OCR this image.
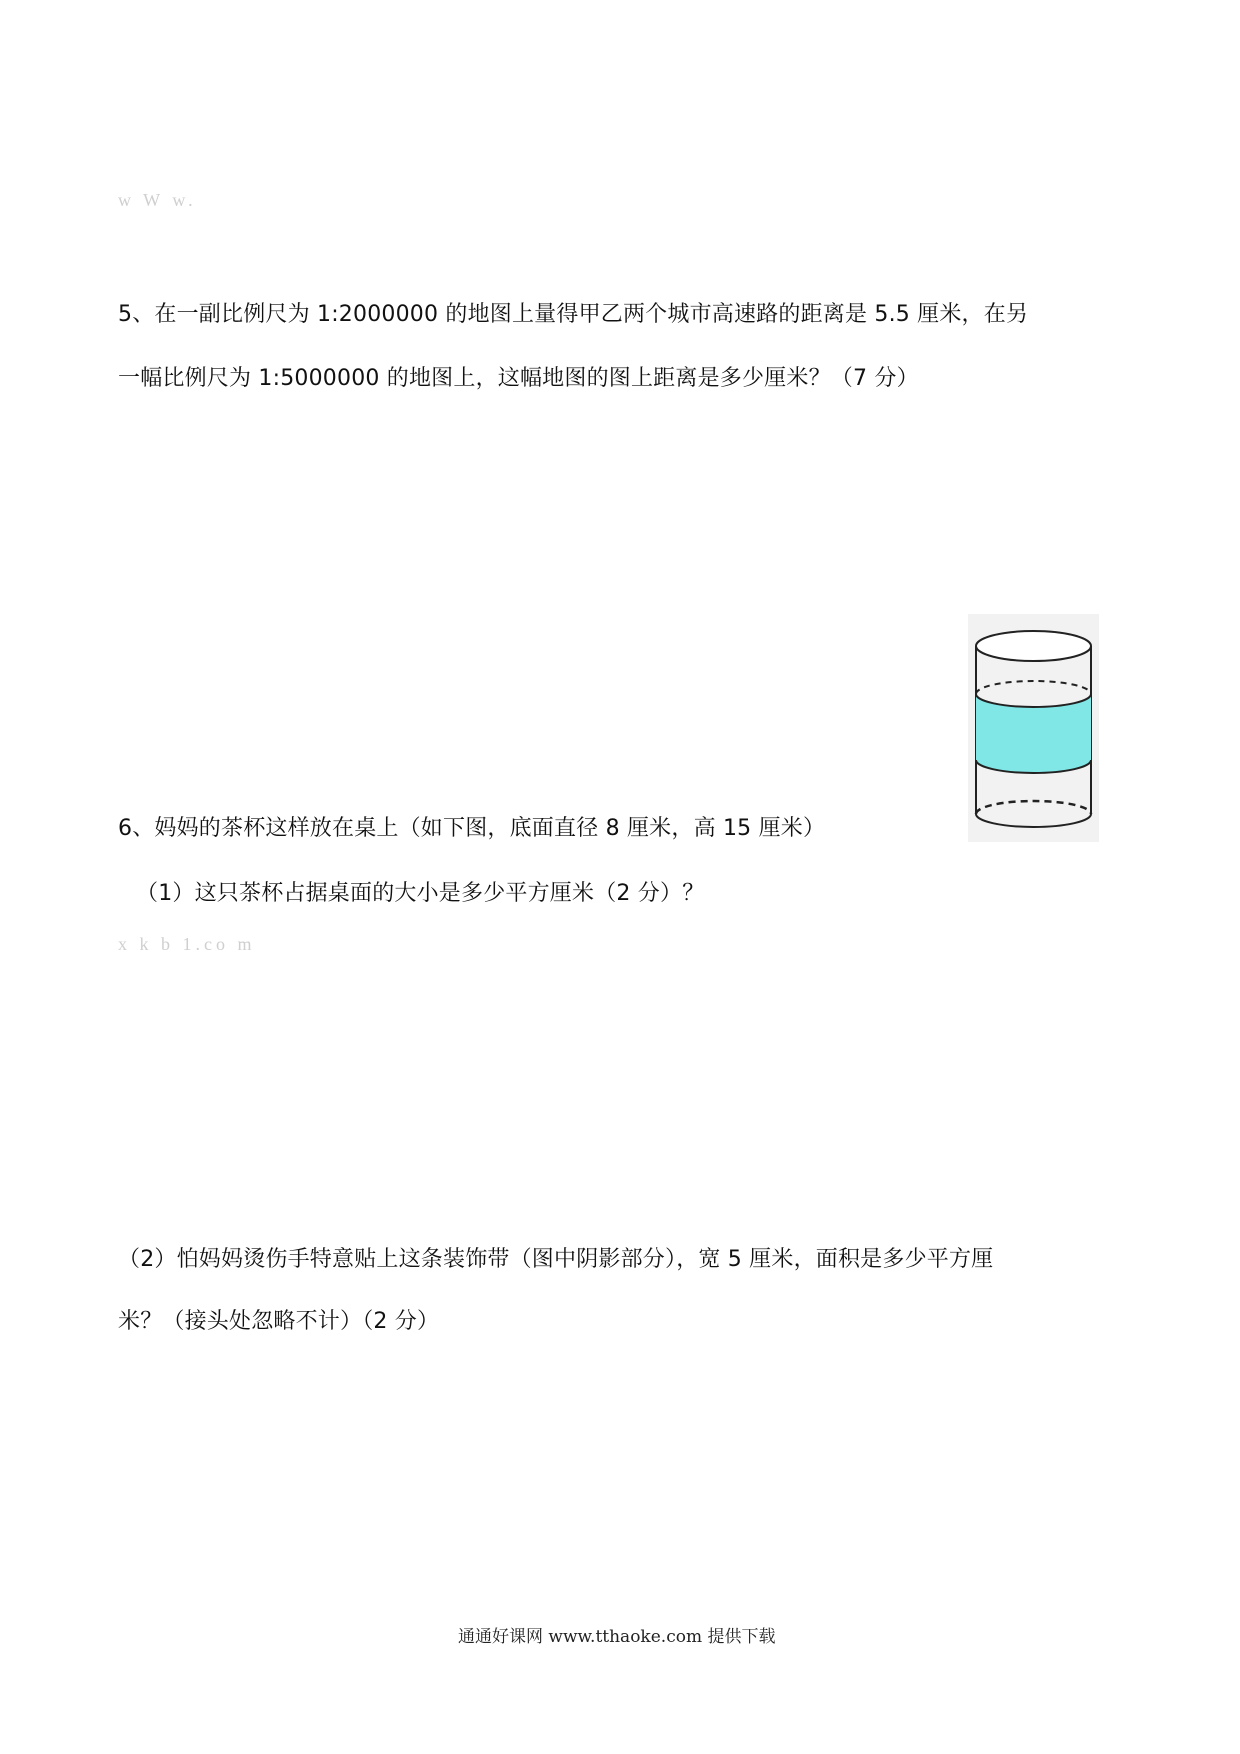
w W w.
5、在一副比例尺为 1:2000000 的地图上量得甲乙两个城市高速路的距离是 5.5 厘米，在另
一幅比例尺为 1:5000000 的地图上，这幅地图的图上距离是多少厘米？（7 分）
6、妈妈的茶杯这样放在桌上（如下图，底面直径 8 厘米，高 15 厘米）
（1）这只茶杯占据桌面的大小是多少平方厘米（2 分）？
x k b 1.co m
（2）怕妈妈烫伤手特意贴上这条装饰带（图中阴影部分），宽 5 厘米，面积是多少平方厘
米？（接头处忽略不计）（2 分）
通通好课网 www.tthaoke.com 提供下载
